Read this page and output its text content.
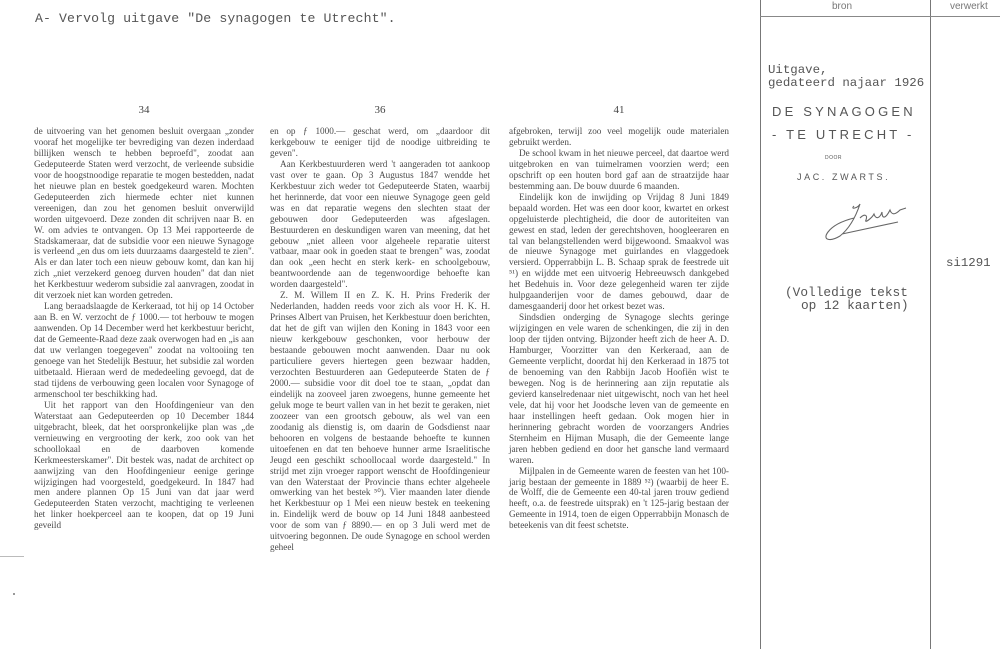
A- Vervolg uitgave "De synagogen te Utrecht".
34

de uitvoering van het genomen besluit overgaan „zonder vooraf het mogelijke ter bevrediging van dezen inderdaad billijken wensch te hebben beproefd", zoodat aan Gedeputeerde Staten werd verzocht, de verleende subsidie voor de hoogstnoodige reparatie te mogen bestedden, nadat het nieuwe plan en bestek goedgekeurd waren. Mochten Gedeputeerden zich hiermede echter niet kunnen vereenigen, dan zou het genomen besluit onverwijld worden uitgevoerd. Deze zonden dit schrijven naar B. en W. om advies te ontvangen. Op 13 Mei rapporteerde de Stadskameraar, dat de subsidie voor een nieuwe Synagoge is verleend „en dus om iets duurzaams daargesteld te zien". Als er dan later toch een nieuw gebouw komt, dan kan hij zich „niet verzekerd genoeg durven houden" dat dan niet het Kerkbestuur wederom subsidie zal aanvragen, zoodat in dit verzoek niet kan worden getreden.

Lang beraadslaagde de Kerkeraad, tot hij op 14 October aan B. en W. verzocht de ƒ 1000.— tot herbouw te mogen aanwenden. Op 14 December werd het kerkbestuur bericht, dat de Gemeente-Raad deze zaak overwogen had en „is aan dat uw verlangen toegegeven" zoodat na voltooiing ten genoege van het Stedelijk Bestuur, het subsidie zal worden uitbetaald. Hieraan werd de mededeeling gevoegd, dat de stad tijdens de verbouwing geen localen voor Synagoge of armenschool ter beschikking had.

Uit het rapport van den Hoofdingenieur van den Waterstaat aan Gedeputeerden op 10 December 1844 uitgebracht, bleek, dat het oorspronkelijke plan was „de vernieuwing en vergrooting der kerk, zoo ook van het schoollokaal en de daarboven komende Kerkmeesterskamer". Dit bestek was, nadat de architect op aanwijzing van den Hoofdingenieur eenige geringe wijzigingen had voorgesteld, goedgekeurd. In 1847 had men andere plannen Op 15 Juni van dat jaar werd Gedeputeerden Staten verzocht, machtiging te verleenen het linker hoekperceel aan te koopen, dat op 19 Juni geveild

36

en op ƒ 1000.— geschat werd, om „daardoor dit kerkgebouw te eeniger tijd de noodige uitbreiding te geven".

Aan Kerkbestuurderen werd 't aangeraden tot aankoop vast over te gaan. Op 3 Augustus 1847 wendde het Kerkbestuur zich weder tot Gedeputeerde Staten, waarbij het herinnerde, dat voor een nieuwe Synagoge geen geld was en dat reparatie wegens den slechten staat der gebouwen door Gedeputeerden was afgeslagen. Bestuurderen en deskundigen waren van meening, dat het gebouw „niet alleen voor algeheele reparatie uiterst vatbaar, maar ook in goeden staat te brengen" was, zoodat dan ook „een hecht en sterk kerk- en schoolgebouw, beantwoordende aan de tegenwoordige behoefte kan worden daargesteld".

Z. M. Willem II en Z. K. H. Prins Frederik der Nederlanden, hadden reeds voor zich als voor H. K. H. Prinses Albert van Pruisen, het Kerkbestuur doen berichten, dat het de gift van wijlen den Koning in 1843 voor een nieuw kerkgebouw geschonken, voor herbouw der bestaande gebouwen mocht aanwenden. Daar nu ook particuliere gevers hiertegen geen bezwaar hadden, verzochten Bestuurderen aan Gedeputeerde Staten de ƒ 2000.— subsidie voor dit doel toe te staan, „opdat dan eindelijk na zooveel jaren zwoegens, hunne gemeente het geluk moge te beurt vallen van in het bezit te geraken, niet zoozeer van een grootsch gebouw, als wel van een zoodanig als dienstig is, om daarin de Godsdienst naar behooren en volgens de bestaande behoefte te kunnen uitoefenen en dat ten behoeve hunner arme Israelitische Jeugd een geschikt schoollocaal worde daargesteld." In strijd met zijn vroeger rapport wenscht de Hoofdingenieur van den Waterstaat der Provincie thans echter algeheele omwerking van het bestek ⁵⁰). Vier maanden later diende het Kerkbestuur op 1 Mei een nieuw bestek en teekening in. Eindelijk werd de bouw op 14 Juni 1848 aanbesteed voor de som van ƒ 8890.— en op 3 Juli werd met de uitvoering begonnen. De oude Synagoge en school werden geheel

41

afgebroken, terwijl zoo veel mogelijk oude materialen gebruikt werden.

De school kwam in het nieuwe perceel, dat daartoe werd uitgebroken en van tuimelramen voorzien werd; een opschrift op een houten bord gaf aan de straatzijde haar bestemming aan. De bouw duurde 6 maanden.

Eindelijk kon de inwijding op Vrijdag 8 Juni 1849 bepaald worden. Het was een door koor, kwartet en orkest opgeluisterde plechtigheid, die door de autoriteiten van gewest en stad, leden der gerechtshoven, hoogleeraren en tal van belangstellenden werd bijgewoond. Smaakvol was de nieuwe Synagoge met guirlandes en vlaggedoek versierd. Opperrabbijn L. B. Schaap sprak de feestrede uit ⁵¹) en wijdde met een uitvoerig Hebreeuwsch dankgebed het Bedehuis in. Voor deze gelegenheid waren ter zijde hulpgaanderijen voor de dames gebouwd, daar de damesgaanderij door het orkest bezet was.

Sindsdien onderging de Synagoge slechts geringe wijzigingen en vele waren de schenkingen, die zij in den loop der tijden ontving. Bijzonder heeft zich de heer A. D. Hamburger, Voorzitter van den Kerkeraad, aan de Gemeente verplicht, doordat hij den Kerkeraad in 1875 tot de benoeming van den Rabbijn Jacob Hoofiën wist te bewegen. Nog is de herinnering aan zijn reputatie als gevierd kanselredenaar niet uitgewischt, noch van het heel vele, dat hij voor het Joodsche leven van de gemeente en haar instellingen heeft gedaan. Ook mogen hier in herinnering gebracht worden de voorzangers Andries Sternheim en Hijman Musaph, die der Gemeente lange jaren hebben gediend en door het gansche land vermaard waren.

Mijlpalen in de Gemeente waren de feesten van het 100-jarig bestaan der gemeente in 1889 ⁵²) (waarbij de heer E. de Wolff, die de Gemeente een 40-tal jaren trouw gediend heeft, o.a. de feestrede uitsprak) en 't 125-jarig bestaan der Gemeente in 1914, toen de eigen Opperrabbijn Monasch de beteekenis van dit feest schetste.

bron	verwerkt
Uitgave,
gedateerd najaar 1926
DE SYNAGOGEN
- TE UTRECHT -
DOOR
JAC. ZWARTS.
(Volledige tekst
op 12 kaarten)
si1291
